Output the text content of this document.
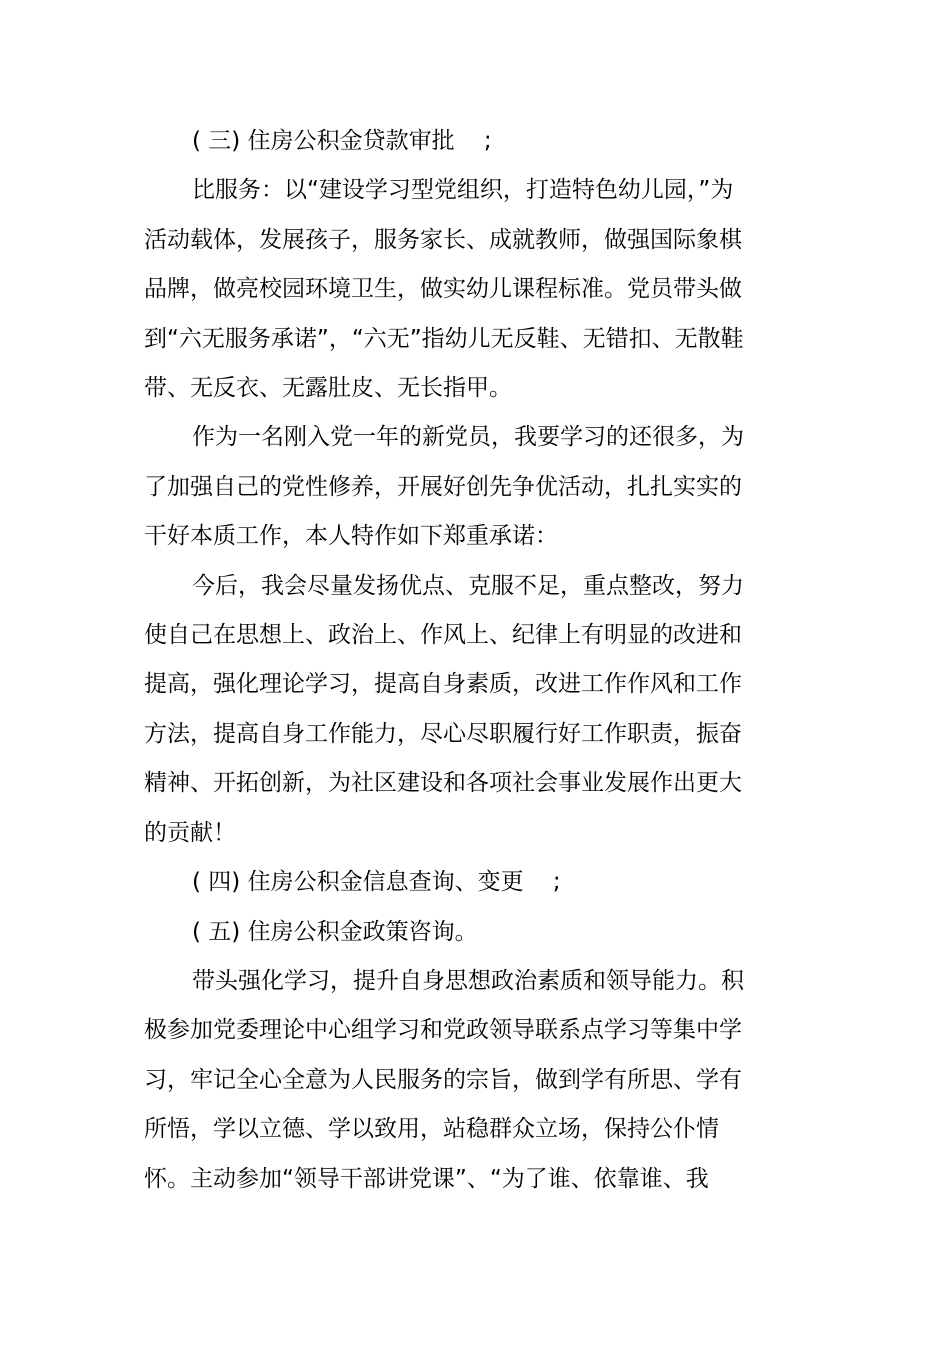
( 三) 住房公积金贷款审批    ;

比服务：以“建设学习型党组织，打造特色幼儿园，”为活动载体，发展孩子，服务家长、成就教师，做强国际象棋品牌，做亮校园环境卫生，做实幼儿课程标准。党员带头做到“六无服务承诺”，“六无”指幼儿无反鞋、无错扣、无散鞋带、无反衣、无露肚皮、无长指甲。

作为一名刚入党一年的新党员，我要学习的还很多，为了加强自己的党性修养，开展好创先争优活动，扎扎实实的干好本质工作，本人特作如下郑重承诺：

今后，我会尽量发扬优点、克服不足，重点整改，努力使自己在思想上、政治上、作风上、纪律上有明显的改进和提高，强化理论学习，提高自身素质，改进工作作风和工作方法，提高自身工作能力，尽心尽职履行好工作职责，振奋精神、开拓创新，为社区建设和各项社会事业发展作出更大的贡献！

( 四) 住房公积金信息查询、变更    ;

( 五) 住房公积金政策咨询。

带头强化学习，提升自身思想政治素质和领导能力。积极参加党委理论中心组学习和党政领导联系点学习等集中学习，牢记全心全意为人民服务的宗旨，做到学有所思、学有所悟，学以立德、学以致用，站稳群众立场，保持公仆情怀。主动参加“领导干部讲党课”、“为了谁、依靠谁、我
